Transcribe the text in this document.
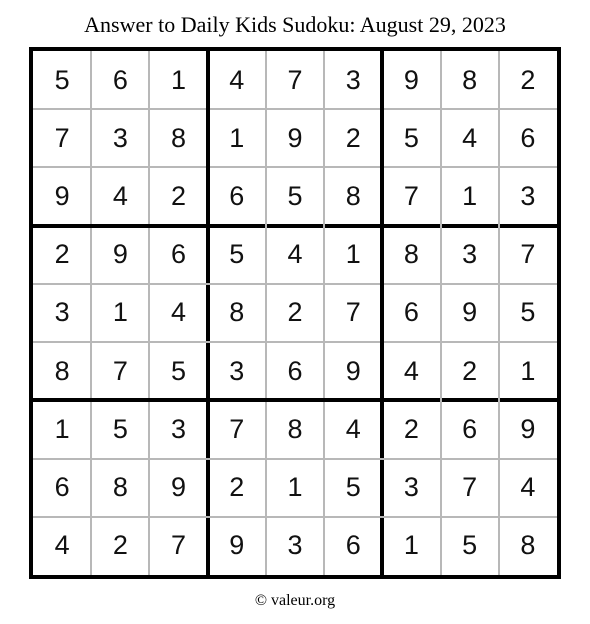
Answer to Daily Kids Sudoku: August 29, 2023
5	6	1	4	7	3	9	8	2
7	3	8	1	9	2	5	4	6
9	4	2	6	5	8	7	1	3
2	9	6	5	4	1	8	3	7
3	1	4	8	2	7	6	9	5
8	7	5	3	6	9	4	2	1
1	5	3	7	8	4	2	6	9
6	8	9	2	1	5	3	7	4
4	2	7	9	3	6	1	5	8
© valeur.org
